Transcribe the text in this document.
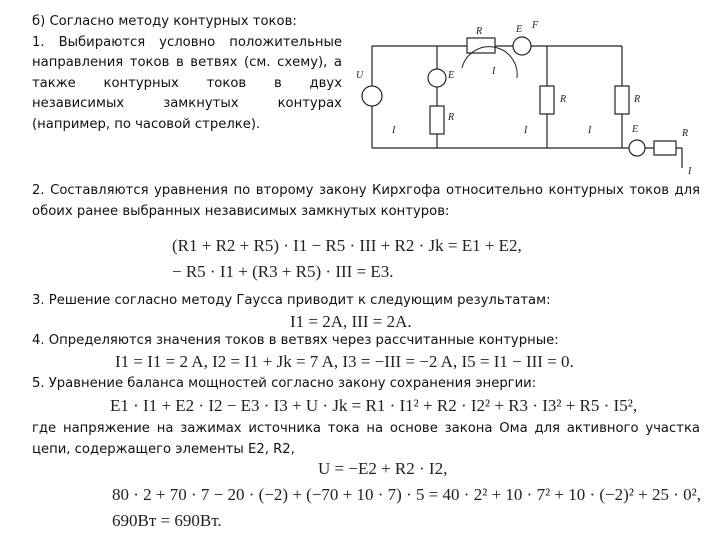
б) Согласно методу контурных токов:

1. Выбираются условно положительные направления токов в ветвях (см. схему), а также контурных токов в двух независимых замкнутых контурах (например, по часовой стрелке).

R	E F
U	E
R
I
I
R	R
I	I	E	R
I

2. Составляются уравнения по второму закону Кирхгофа относительно контурных токов для обоих ранее выбранных независимых замкнутых контуров:

(R1 + R2 + R5) · I1 − R5 · III + R2 · Jk = E1 + E2,
− R5 · I1 + (R3 + R5) · III = E3.

3. Решение согласно методу Гаусса приводит к следующим результатам:

I1 = 2A, III = 2A.

4. Определяются значения токов в ветвях через рассчитанные контурные:

I1 = I1 = 2 A, I2 = I1 + Jk = 7 A, I3 = −III = −2 A, I5 = I1 − III = 0.

5. Уравнение баланса мощностей согласно закону сохранения энергии:

E1 · I1 + E2 · I2 − E3 · I3 + U · Jk = R1 · I1² + R2 · I2² + R3 · I3² + R5 · I5²,

где напряжение на зажимах источника тока на основе закона Ома для активного участка цепи, содержащего элементы E2, R2,

U = −E2 + R2 · I2,
80 · 2 + 70 · 7 − 20 · (−2) + (−70 + 10 · 7) · 5 = 40 · 2² + 10 · 7² + 10 · (−2)² + 25 · 0²,
690Вт = 690Вт.
